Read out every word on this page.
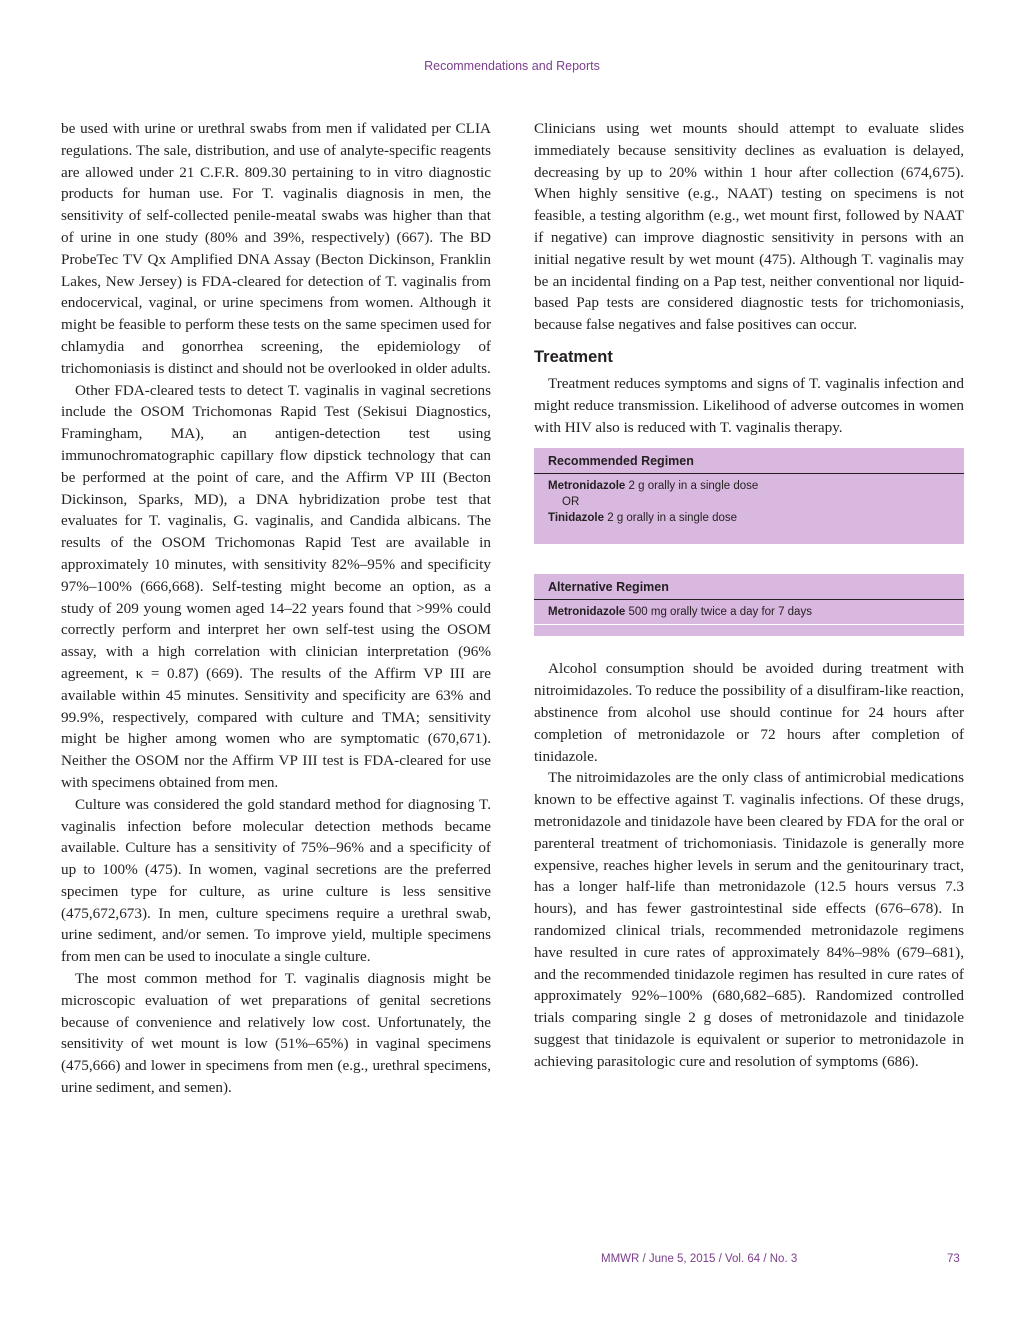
Recommendations and Reports

be used with urine or urethral swabs from men if validated per CLIA regulations. The sale, distribution, and use of analyte-specific reagents are allowed under 21 C.F.R. 809.30 pertaining to in vitro diagnostic products for human use. For T. vaginalis diagnosis in men, the sensitivity of self-collected penile-meatal swabs was higher than that of urine in one study (80% and 39%, respectively) (667). The BD ProbeTec TV Qx Amplified DNA Assay (Becton Dickinson, Franklin Lakes, New Jersey) is FDA-cleared for detection of T. vaginalis from endocervical, vaginal, or urine specimens from women. Although it might be feasible to perform these tests on the same specimen used for chlamydia and gonorrhea screening, the epidemiology of trichomoniasis is distinct and should not be overlooked in older adults.

Other FDA-cleared tests to detect T. vaginalis in vaginal secretions include the OSOM Trichomonas Rapid Test (Sekisui Diagnostics, Framingham, MA), an antigen-detection test using immunochromatographic capillary flow dipstick technology that can be performed at the point of care, and the Affirm VP III (Becton Dickinson, Sparks, MD), a DNA hybridization probe test that evaluates for T. vaginalis, G. vaginalis, and Candida albicans. The results of the OSOM Trichomonas Rapid Test are available in approximately 10 minutes, with sensitivity 82%–95% and specificity 97%–100% (666,668). Self-testing might become an option, as a study of 209 young women aged 14–22 years found that >99% could correctly perform and interpret her own self-test using the OSOM assay, with a high correlation with clinician interpretation (96% agreement, κ = 0.87) (669). The results of the Affirm VP III are available within 45 minutes. Sensitivity and specificity are 63% and 99.9%, respectively, compared with culture and TMA; sensitivity might be higher among women who are symptomatic (670,671). Neither the OSOM nor the Affirm VP III test is FDA-cleared for use with specimens obtained from men.

Culture was considered the gold standard method for diagnosing T. vaginalis infection before molecular detection methods became available. Culture has a sensitivity of 75%–96% and a specificity of up to 100% (475). In women, vaginal secretions are the preferred specimen type for culture, as urine culture is less sensitive (475,672,673). In men, culture specimens require a urethral swab, urine sediment, and/or semen. To improve yield, multiple specimens from men can be used to inoculate a single culture.

The most common method for T. vaginalis diagnosis might be microscopic evaluation of wet preparations of genital secretions because of convenience and relatively low cost. Unfortunately, the sensitivity of wet mount is low (51%–65%) in vaginal specimens (475,666) and lower in specimens from men (e.g., urethral specimens, urine sediment, and semen).

Clinicians using wet mounts should attempt to evaluate slides immediately because sensitivity declines as evaluation is delayed, decreasing by up to 20% within 1 hour after collection (674,675). When highly sensitive (e.g., NAAT) testing on specimens is not feasible, a testing algorithm (e.g., wet mount first, followed by NAAT if negative) can improve diagnostic sensitivity in persons with an initial negative result by wet mount (475). Although T. vaginalis may be an incidental finding on a Pap test, neither conventional nor liquid-based Pap tests are considered diagnostic tests for trichomoniasis, because false negatives and false positives can occur.

Treatment

Treatment reduces symptoms and signs of T. vaginalis infection and might reduce transmission. Likelihood of adverse outcomes in women with HIV also is reduced with T. vaginalis therapy.

Recommended Regimen
Metronidazole 2 g orally in a single dose
OR
Tinidazole 2 g orally in a single dose
Alternative Regimen
Metronidazole 500 mg orally twice a day for 7 days

Alcohol consumption should be avoided during treatment with nitroimidazoles. To reduce the possibility of a disulfiram-like reaction, abstinence from alcohol use should continue for 24 hours after completion of metronidazole or 72 hours after completion of tinidazole.

The nitroimidazoles are the only class of antimicrobial medications known to be effective against T. vaginalis infections. Of these drugs, metronidazole and tinidazole have been cleared by FDA for the oral or parenteral treatment of trichomoniasis. Tinidazole is generally more expensive, reaches higher levels in serum and the genitourinary tract, has a longer half-life than metronidazole (12.5 hours versus 7.3 hours), and has fewer gastrointestinal side effects (676–678). In randomized clinical trials, recommended metronidazole regimens have resulted in cure rates of approximately 84%–98% (679–681), and the recommended tinidazole regimen has resulted in cure rates of approximately 92%–100% (680,682–685). Randomized controlled trials comparing single 2 g doses of metronidazole and tinidazole suggest that tinidazole is equivalent or superior to metronidazole in achieving parasitologic cure and resolution of symptoms (686).

MMWR / June 5, 2015 / Vol. 64 / No. 3	73
